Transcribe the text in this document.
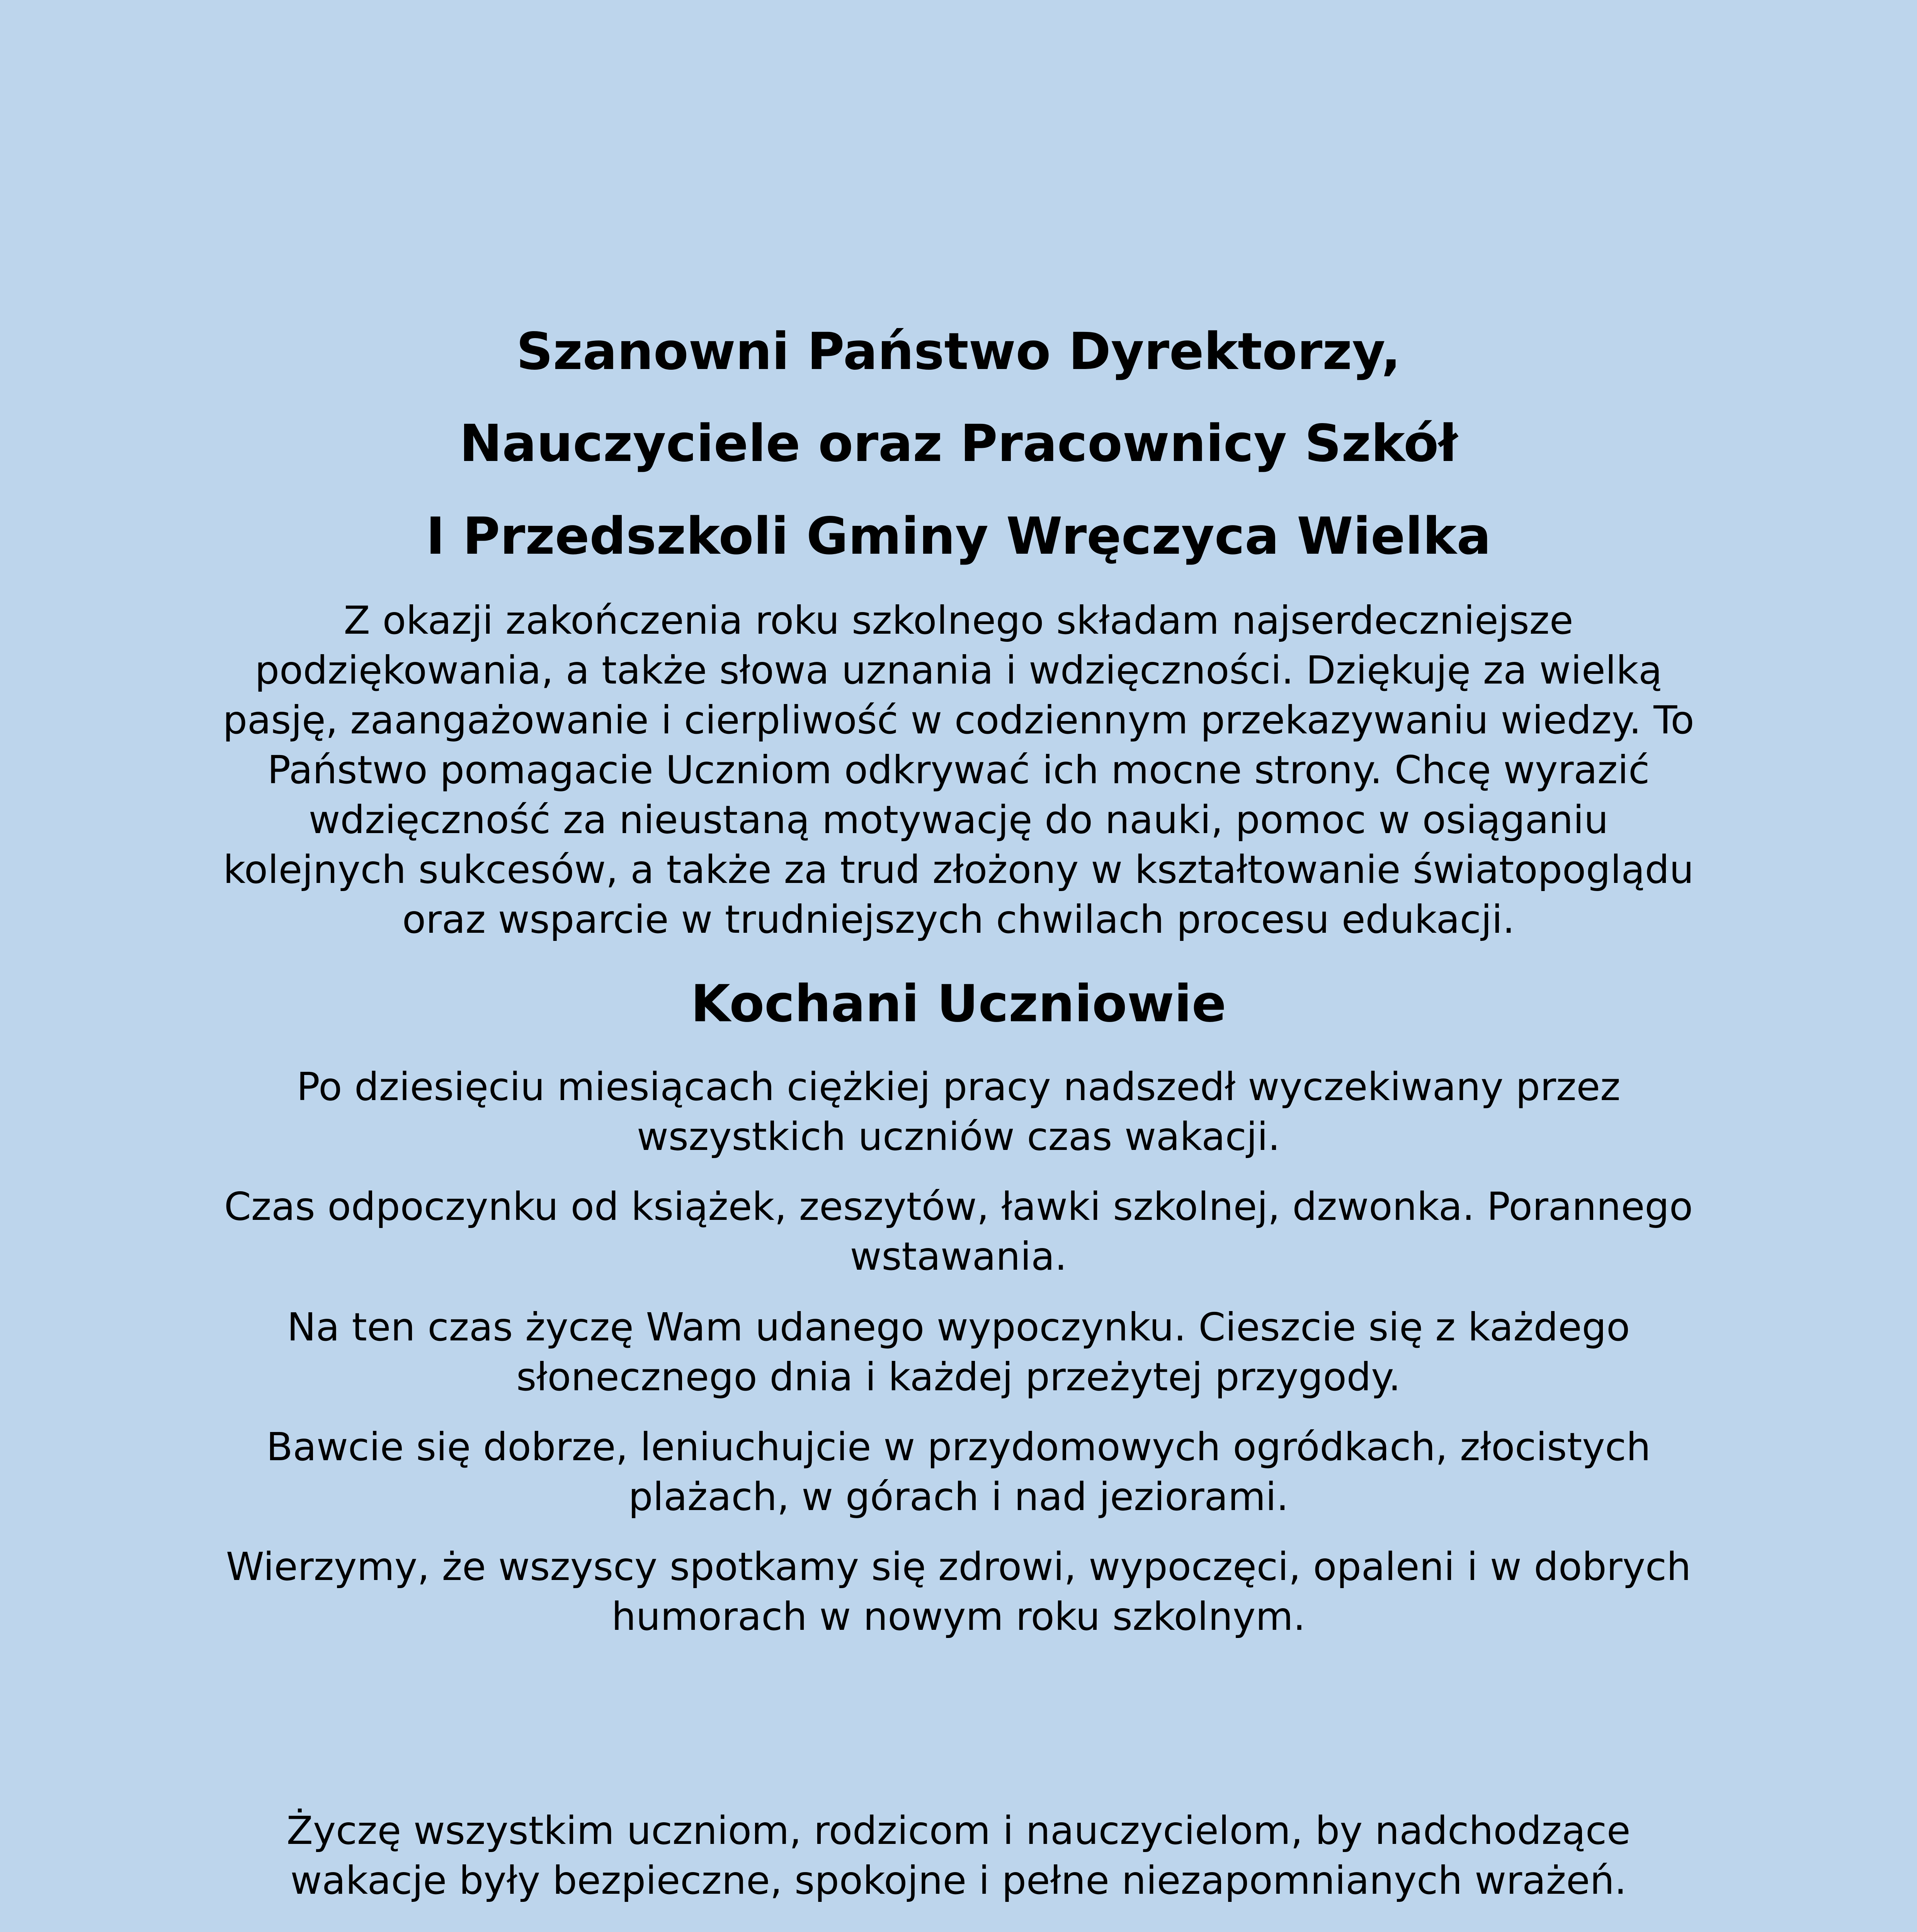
Szanowni Państwo Dyrektorzy,
Nauczyciele oraz Pracownicy Szkół
I Przedszkoli Gminy Wręczyca Wielka
Z okazji zakończenia roku szkolnego składam najserdeczniejsze podziękowania, a także słowa uznania i wdzięczności. Dziękuję za wielką pasję, zaangażowanie i cierpliwość w codziennym przekazywaniu wiedzy. To Państwo pomagacie Uczniom odkrywać ich mocne strony. Chcę wyrazić wdzięczność za nieustaną motywację do nauki, pomoc w osiąganiu kolejnych sukcesów, a także za trud złożony w kształtowanie światopoglądu oraz wsparcie w trudniejszych chwilach procesu edukacji.
Kochani Uczniowie
Po dziesięciu miesiącach ciężkiej pracy nadszedł wyczekiwany przez wszystkich uczniów czas wakacji.
Czas odpoczynku od książek, zeszytów, ławki szkolnej, dzwonka. Porannego wstawania.
Na ten czas życzę Wam udanego wypoczynku. Cieszcie się z każdego słonecznego dnia i każdej przeżytej przygody.
Bawcie się dobrze, leniuchujcie w przydomowych ogródkach, złocistych plażach, w górach i nad jeziorami.
Wierzymy, że wszyscy spotkamy się zdrowi, wypoczęci, opaleni i w dobrych humorach w nowym roku szkolnym.
Życzę wszystkim uczniom, rodzicom i nauczycielom, by nadchodzące wakacje były bezpieczne, spokojne i pełne niezapomnianych wrażeń.
